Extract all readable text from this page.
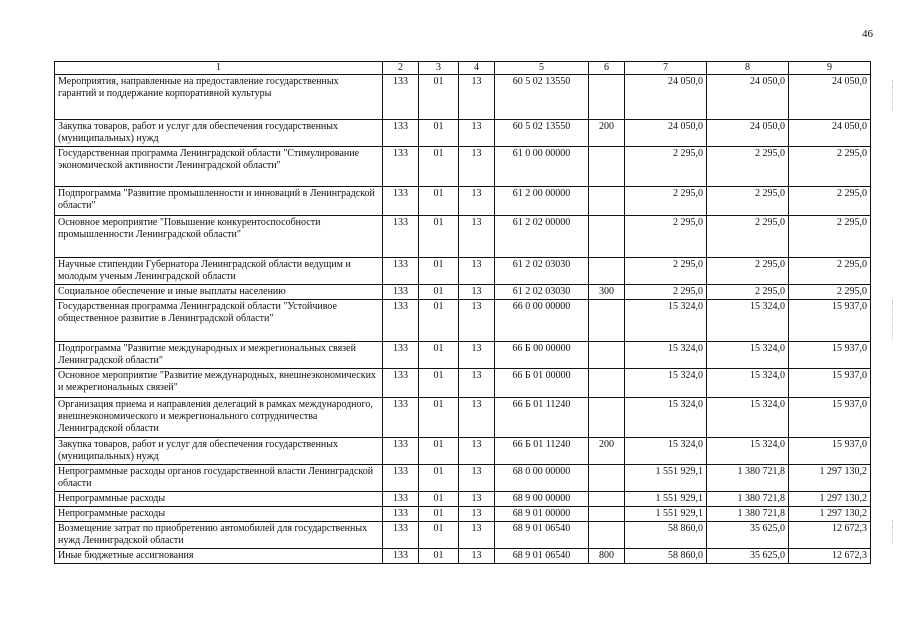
46
1	2	3	4	5	6	7	8	9
Мероприятия, направленные на предоставление государственных гарантий и поддержание корпоративной культуры	133	01	13	60 5 02 13550		24 050,0	24 050,0	24 050,0
Закупка товаров, работ и услуг для обеспечения государственных (муниципальных) нужд	133	01	13	60 5 02 13550	200	24 050,0	24 050,0	24 050,0
Государственная программа Ленинградской области "Стимулирование экономической активности Ленинградской области"	133	01	13	61 0 00 00000		2 295,0	2 295,0	2 295,0
Подпрограмма "Развитие промышленности и инноваций в Ленинградской области"	133	01	13	61 2 00 00000		2 295,0	2 295,0	2 295,0
Основное мероприятие "Повышение конкурентоспособности промышленности Ленинградской области"	133	01	13	61 2 02 00000		2 295,0	2 295,0	2 295,0
Научные стипендии Губернатора Ленинградской области ведущим и молодым ученым Ленинградской области	133	01	13	61 2 02 03030		2 295,0	2 295,0	2 295,0
Социальное обеспечение и иные выплаты населению	133	01	13	61 2 02 03030	300	2 295,0	2 295,0	2 295,0
Государственная программа Ленинградской области "Устойчивое общественное развитие в Ленинградской области"	133	01	13	66 0 00 00000		15 324,0	15 324,0	15 937,0
Подпрограмма "Развитие международных и межрегиональных связей Ленинградской области"	133	01	13	66 Б 00 00000		15 324,0	15 324,0	15 937,0
Основное мероприятие "Развитие международных, внешнеэкономических и межрегиональных связей"	133	01	13	66 Б 01 00000		15 324,0	15 324,0	15 937,0
Организация приема и направления делегаций в рамках международного, внешнеэкономического и межрегионального сотрудничества Ленинградской области	133	01	13	66 Б 01 11240		15 324,0	15 324,0	15 937,0
Закупка товаров, работ и услуг для обеспечения государственных (муниципальных) нужд	133	01	13	66 Б 01 11240	200	15 324,0	15 324,0	15 937,0
Непрограммные расходы органов государственной власти Ленинградской области	133	01	13	68 0 00 00000		1 551 929,1	1 380 721,8	1 297 130,2
Непрограммные расходы	133	01	13	68 9 00 00000		1 551 929,1	1 380 721,8	1 297 130,2
Непрограммные расходы	133	01	13	68 9 01 00000		1 551 929,1	1 380 721,8	1 297 130,2
Возмещение затрат по приобретению автомобилей для государственных нужд Ленинградской области	133	01	13	68 9 01 06540		58 860,0	35 625,0	12 672,3
Иные бюджетные ассигнования	133	01	13	68 9 01 06540	800	58 860,0	35 625,0	12 672,3
